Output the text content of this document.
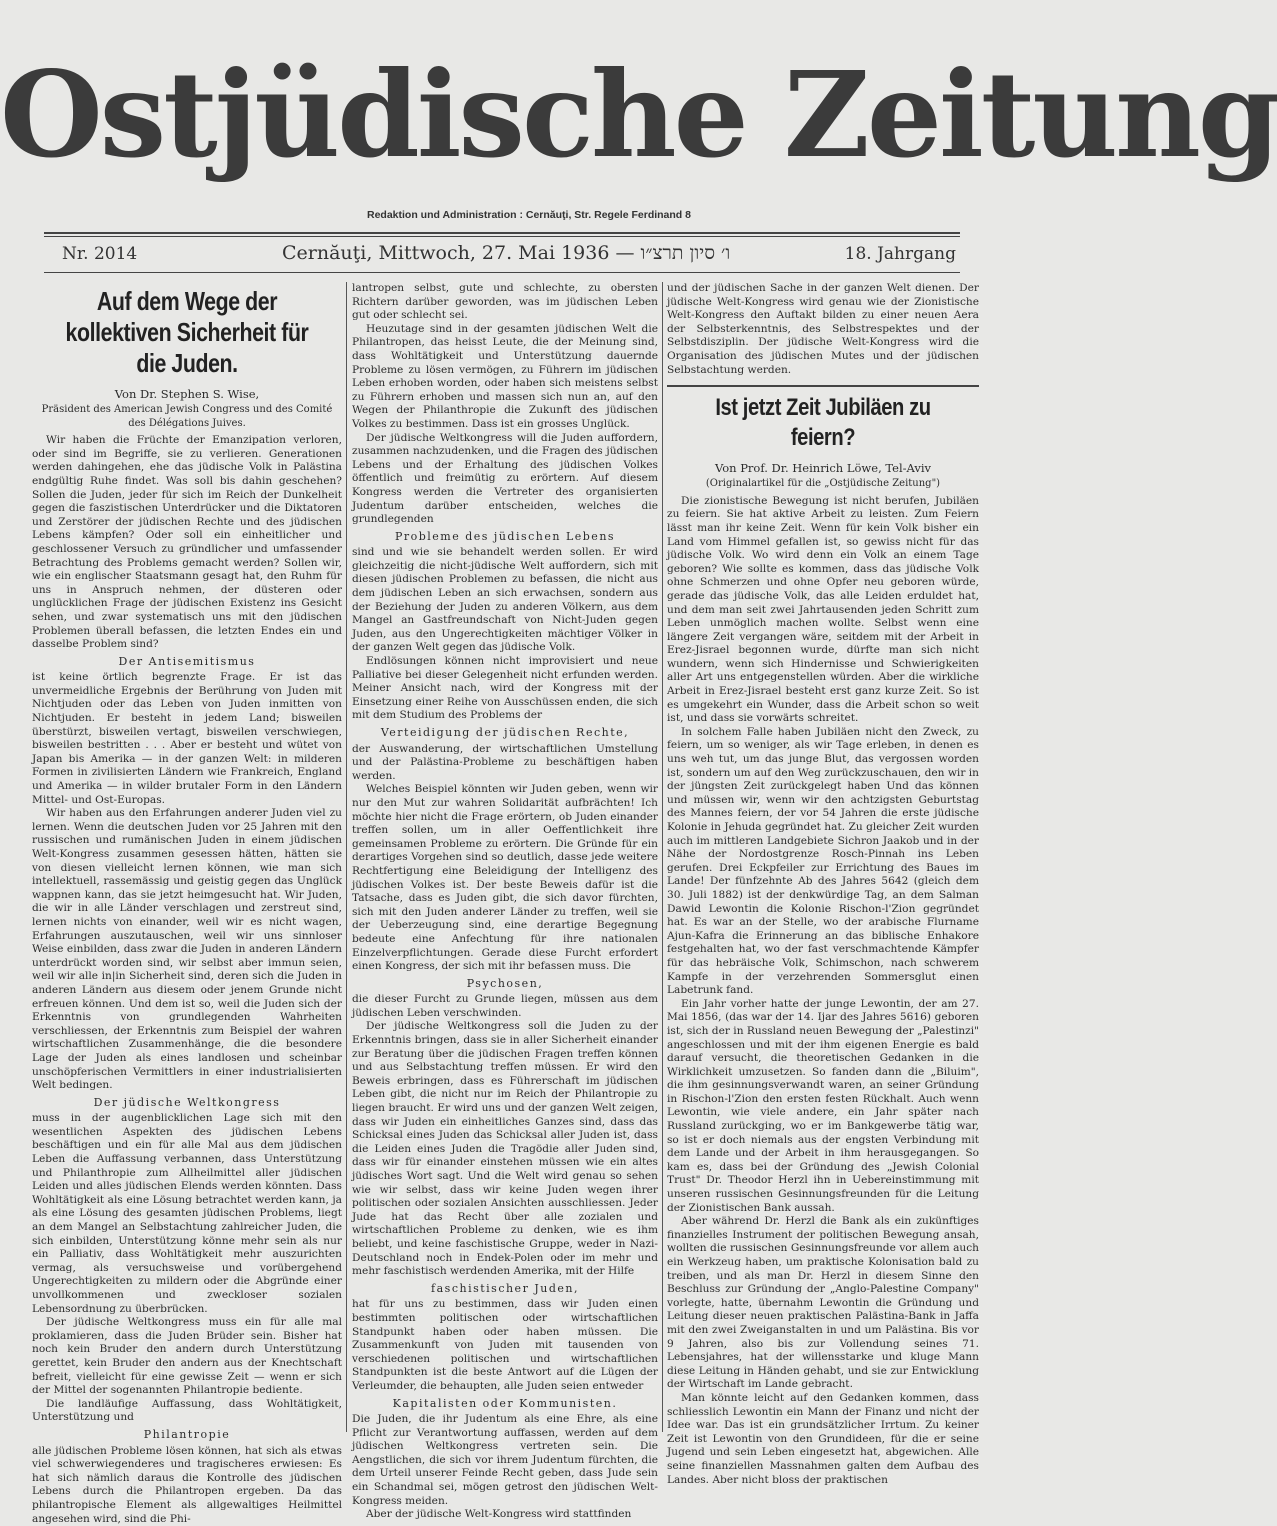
Ostjüdische Zeitung
Redaktion und Administration : Cernăuţi, Str. Regele Ferdinand 8
Nr. 2014	Cernăuţi, Mittwoch, 27. Mai 1936 — ו׳ סיון תרצ״ו	18. Jahrgang
Auf dem Wege der kollektiven Sicherheit für die Juden.
Von Dr. Stephen S. Wise,
Präsident des American Jewish Congress und des Comité des Délégations Juives.

Wir haben die Früchte der Emanzipation verloren, oder sind im Begriffe, sie zu verlieren. Generationen werden dahingehen, ehe das jüdische Volk in Palästina endgültig Ruhe findet. Was soll bis dahin geschehen? Sollen die Juden, jeder für sich im Reich der Dunkelheit gegen die faszistischen Unterdrücker und die Diktatoren und Zerstörer der jüdischen Rechte und des jüdischen Lebens kämpfen? Oder soll ein einheitlicher und geschlossener Versuch zu gründlicher und umfassender Betrachtung des Problems gemacht werden? Sollen wir, wie ein englischer Staatsmann gesagt hat, den Ruhm für uns in Anspruch nehmen, der düsteren oder unglücklichen Frage der jüdischen Existenz ins Gesicht sehen, und zwar systematisch uns mit den jüdischen Problemen überall befassen, die letzten Endes ein und dasselbe Problem sind?

Der Antisemitismus

ist keine örtlich begrenzte Frage. Er ist das unvermeidliche Ergebnis der Berührung von Juden mit Nichtjuden oder das Leben von Juden inmitten von Nichtjuden. Er besteht in jedem Land; bisweilen überstürzt, bisweilen vertagt, bisweilen verschwiegen, bisweilen bestritten . . . Aber er besteht und wütet von Japan bis Amerika — in der ganzen Welt: in milderen Formen in zivilisierten Ländern wie Frankreich, England und Amerika — in wilder brutaler Form in den Ländern Mittel- und Ost-Europas.

Wir haben aus den Erfahrungen anderer Juden viel zu lernen. Wenn die deutschen Juden vor 25 Jahren mit den russischen und rumänischen Juden in einem jüdischen Welt-Kongress zusammen gesessen hätten, hätten sie von diesen vielleicht lernen können, wie man sich intellektuell, rassemässig und geistig gegen das Unglück wappnen kann, das sie jetzt heimgesucht hat. Wir Juden, die wir in alle Länder verschlagen und zerstreut sind, lernen nichts von einander, weil wir es nicht wagen, Erfahrungen auszutauschen, weil wir uns sinnloser Weise einbilden, dass zwar die Juden in anderen Ländern unterdrückt worden sind, wir selbst aber immun seien, weil wir alle in|in Sicherheit sind, deren sich die Juden in anderen Ländern aus diesem oder jenem Grunde nicht erfreuen können. Und dem ist so, weil die Juden sich der Erkenntnis von grundlegenden Wahrheiten verschliessen, der Erkenntnis zum Beispiel der wahren wirtschaftlichen Zusammenhänge, die die besondere Lage der Juden als eines landlosen und scheinbar unschöpferischen Vermittlers in einer industrialisierten Welt bedingen.

Der jüdische Weltkongress

muss in der augenblicklichen Lage sich mit den wesentlichen Aspekten des jüdischen Lebens beschäftigen und ein für alle Mal aus dem jüdischen Leben die Auffassung verbannen, dass Unterstützung und Philanthropie zum Allheilmittel aller jüdischen Leiden und alles jüdischen Elends werden könnten. Dass Wohltätigkeit als eine Lösung betrachtet werden kann, ja als eine Lösung des gesamten jüdischen Problems, liegt an dem Mangel an Selbstachtung zahlreicher Juden, die sich einbilden, Unterstützung könne mehr sein als nur ein Palliativ, dass Wohltätigkeit mehr auszurichten vermag, als versuchsweise und vorübergehend Ungerechtigkeiten zu mildern oder die Abgründe einer unvollkommenen und zweckloser sozialen Lebensordnung zu überbrücken.

Der jüdische Weltkongress muss ein für alle mal proklamieren, dass die Juden Brüder sein. Bisher hat noch kein Bruder den andern durch Unterstützung gerettet, kein Bruder den andern aus der Knechtschaft befreit, vielleicht für eine gewisse Zeit — wenn er sich der Mittel der sogenannten Philantropie bediente.

Die landläufige Auffassung, dass Wohltätigkeit, Unterstützung und

Philantropie

alle jüdischen Probleme lösen können, hat sich als etwas viel schwerwiegenderes und tragischeres erwiesen: Es hat sich nämlich daraus die Kontrolle des jüdischen Lebens durch die Philantropen ergeben. Da das philantropische Element als allgewaltiges Heilmittel angesehen wird, sind die Phi-

lantropen selbst, gute und schlechte, zu obersten Richtern darüber geworden, was im jüdischen Leben gut oder schlecht sei.

Heuzutage sind in der gesamten jüdischen Welt die Philantropen, das heisst Leute, die der Meinung sind, dass Wohltätigkeit und Unterstützung dauernde Probleme zu lösen vermögen, zu Führern im jüdischen Leben erhoben worden, oder haben sich meistens selbst zu Führern erhoben und massen sich nun an, auf den Wegen der Philanthropie die Zukunft des jüdischen Volkes zu bestimmen. Dass ist ein grosses Unglück.

Der jüdische Weltkongress will die Juden auffordern, zusammen nachzudenken, und die Fragen des jüdischen Lebens und der Erhaltung des jüdischen Volkes öffentlich und freimütig zu erörtern. Auf diesem Kongress werden die Vertreter des organisierten Judentum darüber entscheiden, welches die grundlegenden

Probleme des jüdischen Lebens

sind und wie sie behandelt werden sollen. Er wird gleichzeitig die nicht-jüdische Welt auffordern, sich mit diesen jüdischen Problemen zu befassen, die nicht aus dem jüdischen Leben an sich erwachsen, sondern aus der Beziehung der Juden zu anderen Völkern, aus dem Mangel an Gastfreundschaft von Nicht-Juden gegen Juden, aus den Ungerechtigkeiten mächtiger Völker in der ganzen Welt gegen das jüdische Volk.

Endlösungen können nicht improvisiert und neue Palliative bei dieser Gelegenheit nicht erfunden werden. Meiner Ansicht nach, wird der Kongress mit der Einsetzung einer Reihe von Ausschüssen enden, die sich mit dem Studium des Problems der

Verteidigung der jüdischen Rechte,

der Auswanderung, der wirtschaftlichen Umstellung und der Palästina-Probleme zu beschäftigen haben werden.

Welches Beispiel könnten wir Juden geben, wenn wir nur den Mut zur wahren Solidarität aufbrächten! Ich möchte hier nicht die Frage erörtern, ob Juden einander treffen sollen, um in aller Oeffentlichkeit ihre gemeinsamen Probleme zu erörtern. Die Gründe für ein derartiges Vorgehen sind so deutlich, dasse jede weitere Rechtfertigung eine Beleidigung der Intelligenz des jüdischen Volkes ist. Der beste Beweis dafür ist die Tatsache, dass es Juden gibt, die sich davor fürchten, sich mit den Juden anderer Länder zu treffen, weil sie der Ueberzeugung sind, eine derartige Begegnung bedeute eine Anfechtung für ihre nationalen Einzelverpflichtungen. Gerade diese Furcht erfordert einen Kongress, der sich mit ihr befassen muss. Die

Psychosen,

die dieser Furcht zu Grunde liegen, müssen aus dem jüdischen Leben verschwinden.

Der jüdische Weltkongress soll die Juden zu der Erkenntnis bringen, dass sie in aller Sicherheit einander zur Beratung über die jüdischen Fragen treffen können und aus Selbstachtung treffen müssen. Er wird den Beweis erbringen, dass es Führerschaft im jüdischen Leben gibt, die nicht nur im Reich der Philantropie zu liegen braucht. Er wird uns und der ganzen Welt zeigen, dass wir Juden ein einheitliches Ganzes sind, dass das Schicksal eines Juden das Schicksal aller Juden ist, dass die Leiden eines Juden die Tragödie aller Juden sind, dass wir für einander einstehen müssen wie ein altes jüdisches Wort sagt. Und die Welt wird genau so sehen wie wir selbst, dass wir keine Juden wegen ihrer politischen oder sozialen Ansichten ausschliessen. Jeder Jude hat das Recht über alle zozialen und wirtschaftlichen Probleme zu denken, wie es ihm beliebt, und keine faschistische Gruppe, weder in Nazi-Deutschland noch in Endek-Polen oder im mehr und mehr faschistisch werdenden Amerika, mit der Hilfe

faschistischer Juden,

hat für uns zu bestimmen, dass wir Juden einen bestimmten politischen oder wirtschaftlichen Standpunkt haben oder haben müssen. Die Zusammenkunft von Juden mit tausenden von verschiedenen politischen und wirtschaftlichen Standpunkten ist die beste Antwort auf die Lügen der Verleumder, die behaupten, alle Juden seien entweder

Kapitalisten oder Kommunisten.

Die Juden, die ihr Judentum als eine Ehre, als eine Pflicht zur Verantwortung auffassen, werden auf dem jüdischen Weltkongress vertreten sein. Die Aengstlichen, die sich vor ihrem Judentum fürchten, die dem Urteil unserer Feinde Recht geben, dass Jude sein ein Schandmal sei, mögen getrost den jüdischen Welt-Kongress meiden.

Aber der jüdische Welt-Kongress wird stattfinden

und der jüdischen Sache in der ganzen Welt dienen. Der jüdische Welt-Kongress wird genau wie der Zionistische Welt-Kongress den Auftakt bilden zu einer neuen Aera der Selbsterkenntnis, des Selbstrespektes und der Selbstdisziplin. Der jüdische Welt-Kongress wird die Organisation des jüdischen Mutes und der jüdischen Selbstachtung werden.

Ist jetzt Zeit Jubiläen zu feiern?
Von Prof. Dr. Heinrich Löwe, Tel-Aviv
(Originalartikel für die „Ostjüdische Zeitung")

Die zionistische Bewegung ist nicht berufen, Jubiläen zu feiern. Sie hat aktive Arbeit zu leisten. Zum Feiern lässt man ihr keine Zeit. Wenn für kein Volk bisher ein Land vom Himmel gefallen ist, so gewiss nicht für das jüdische Volk. Wo wird denn ein Volk an einem Tage geboren? Wie sollte es kommen, dass das jüdische Volk ohne Schmerzen und ohne Opfer neu geboren würde, gerade das jüdische Volk, das alle Leiden erduldet hat, und dem man seit zwei Jahrtausenden jeden Schritt zum Leben unmöglich machen wollte. Selbst wenn eine längere Zeit vergangen wäre, seitdem mit der Arbeit in Erez-Jisrael begonnen wurde, dürfte man sich nicht wundern, wenn sich Hindernisse und Schwierigkeiten aller Art uns entgegenstellen würden. Aber die wirkliche Arbeit in Erez-Jisrael besteht erst ganz kurze Zeit. So ist es umgekehrt ein Wunder, dass die Arbeit schon so weit ist, und dass sie vorwärts schreitet.

In solchem Falle haben Jubiläen nicht den Zweck, zu feiern, um so weniger, als wir Tage erleben, in denen es uns weh tut, um das junge Blut, das vergossen worden ist, sondern um auf den Weg zurückzuschauen, den wir in der jüngsten Zeit zurückgelegt haben Und das können und müssen wir, wenn wir den achtzigsten Geburtstag des Mannes feiern, der vor 54 Jahren die erste jüdische Kolonie in Jehuda gegründet hat. Zu gleicher Zeit wurden auch im mittleren Landgebiete Sichron Jaakob und in der Nähe der Nordostgrenze Rosch-Pinnah ins Leben gerufen. Drei Eckpfeiler zur Errichtung des Baues im Lande! Der fünfzehnte Ab des Jahres 5642 (gleich dem 30. Juli 1882) ist der denkwürdige Tag, an dem Salman Dawid Lewontin die Kolonie Rischon-l'Zion gegründet hat. Es war an der Stelle, wo der arabische Flurname Ajun-Kafra die Erinnerung an das biblische Enhakore festgehalten hat, wo der fast verschmachtende Kämpfer für das hebräische Volk, Schimschon, nach schwerem Kampfe in der verzehrenden Sommersglut einen Labetrunk fand.

Ein Jahr vorher hatte der junge Lewontin, der am 27. Mai 1856, (das war der 14. Ijar des Jahres 5616) geboren ist, sich der in Russland neuen Bewegung der „Palestinzi" angeschlossen und mit der ihm eigenen Energie es bald darauf versucht, die theoretischen Gedanken in die Wirklichkeit umzusetzen. So fanden dann die „Biluim", die ihm gesinnungsverwandt waren, an seiner Gründung in Rischon-l'Zion den ersten festen Rückhalt. Auch wenn Lewontin, wie viele andere, ein Jahr später nach Russland zurückging, wo er im Bankgewerbe tätig war, so ist er doch niemals aus der engsten Verbindung mit dem Lande und der Arbeit in ihm herausgegangen. So kam es, dass bei der Gründung des „Jewish Colonial Trust" Dr. Theodor Herzl ihn in Uebereinstimmung mit unseren russischen Gesinnungsfreunden für die Leitung der Zionistischen Bank aussah.

Aber während Dr. Herzl die Bank als ein zukünftiges finanzielles Instrument der politischen Bewegung ansah, wollten die russischen Gesinnungsfreunde vor allem auch ein Werkzeug haben, um praktische Kolonisation bald zu treiben, und als man Dr. Herzl in diesem Sinne den Beschluss zur Gründung der „Anglo-Palestine Company" vorlegte, hatte, übernahm Lewontin die Gründung und Leitung dieser neuen praktischen Palästina-Bank in Jaffa mit den zwei Zweiganstalten in und um Palästina. Bis vor 9 Jahren, also bis zur Vollendung seines 71. Lebensjahres, hat der willensstarke und kluge Mann diese Leitung in Händen gehabt, und sie zur Entwicklung der Wirtschaft im Lande gebracht.

Man könnte leicht auf den Gedanken kommen, dass schliesslich Lewontin ein Mann der Finanz und nicht der Idee war. Das ist ein grundsätzlicher Irrtum. Zu keiner Zeit ist Lewontin von den Grundideen, für die er seine Jugend und sein Leben eingesetzt hat, abgewichen. Alle seine finanziellen Massnahmen galten dem Aufbau des Landes. Aber nicht bloss der praktischen
